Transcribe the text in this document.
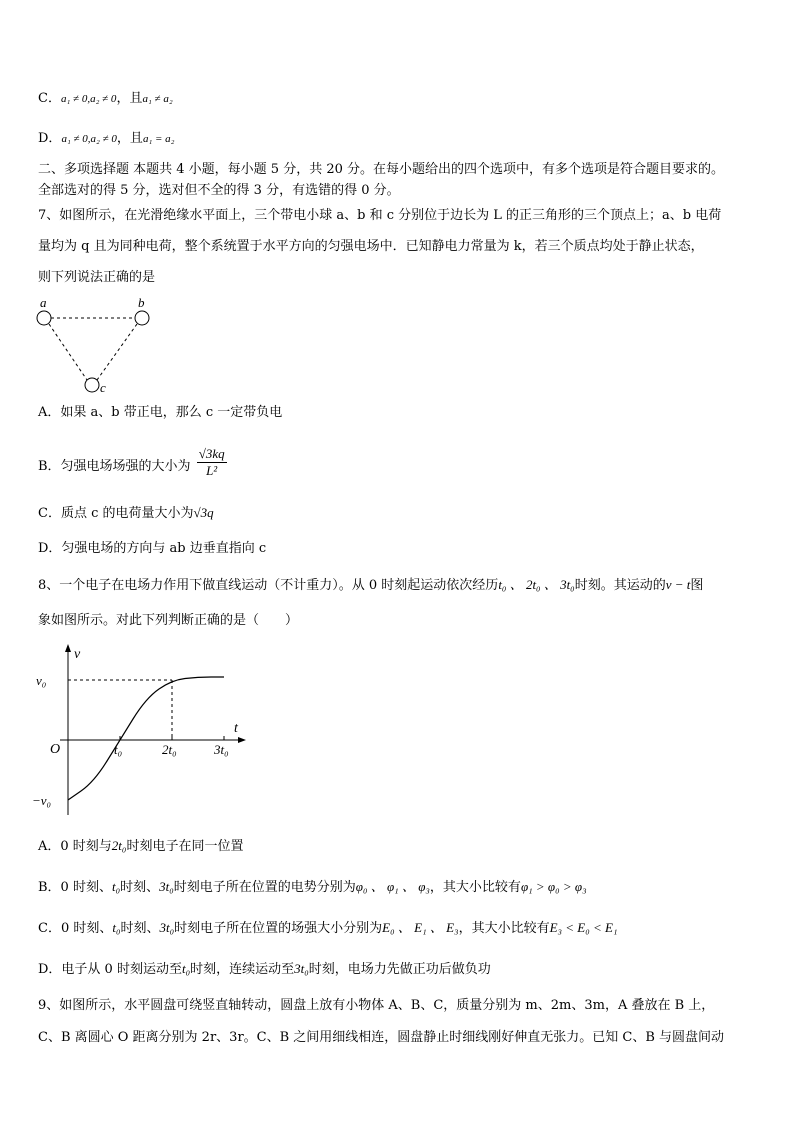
C．a₁ ≠ 0,a₂ ≠ 0，且a₁ ≠ a₂
D．a₁ ≠ 0,a₂ ≠ 0，且a₁ = a₂
二、多项选择题 本题共 4 小题，每小题 5 分，共 20 分。在每小题给出的四个选项中，有多个选项是符合题目要求的。
全部选对的得 5 分，选对但不全的得 3 分，有选错的得 0 分。
7、如图所示，在光滑绝缘水平面上，三个带电小球 a、b 和 c 分别位于边长为 L 的正三角形的三个顶点上；a、b 电荷
量均为 q 且为同种电荷，整个系统置于水平方向的匀强电场中．已知静电力常量为 k，若三个质点均处于静止状态，
则下列说法正确的是
a	b
c
A．如果 a、b 带正电，那么 c 一定带负电
B．匀强电场场强的大小为 $\frac{√3kq}{\text{L²}}$
C．质点 c 的电荷量大小为√3q
D．匀强电场的方向与 ab 边垂直指向 c
8、一个电子在电场力作用下做直线运动（不计重力）。从 0 时刻起运动依次经历t₀ 、 2t₀ 、 3t₀时刻。其运动的v − t图
象如图所示。对此下列判断正确的是（　　）
v
t
O
v₀
−v₀
t₀	2t₀	3t₀
A．0 时刻与2t₀时刻电子在同一位置
B．0 时刻、t₀时刻、3t₀时刻电子所在位置的电势分别为φ₀ 、 φ₁ 、 φ₃，其大小比较有φ₁ > φ₀ > φ₃
C．0 时刻、t₀时刻、3t₀时刻电子所在位置的场强大小分别为E₀ 、 E₁ 、 E₃，其大小比较有E₃ < E₀ < E₁
D．电子从 0 时刻运动至t₀时刻，连续运动至3t₀时刻，电场力先做正功后做负功
9、如图所示，水平圆盘可绕竖直轴转动，圆盘上放有小物体 A、B、C，质量分别为 m、2m、3m，A 叠放在 B 上，
C、B 离圆心 O 距离分别为 2r、3r。C、B 之间用细线相连，圆盘静止时细线刚好伸直无张力。已知 C、B 与圆盘间动
